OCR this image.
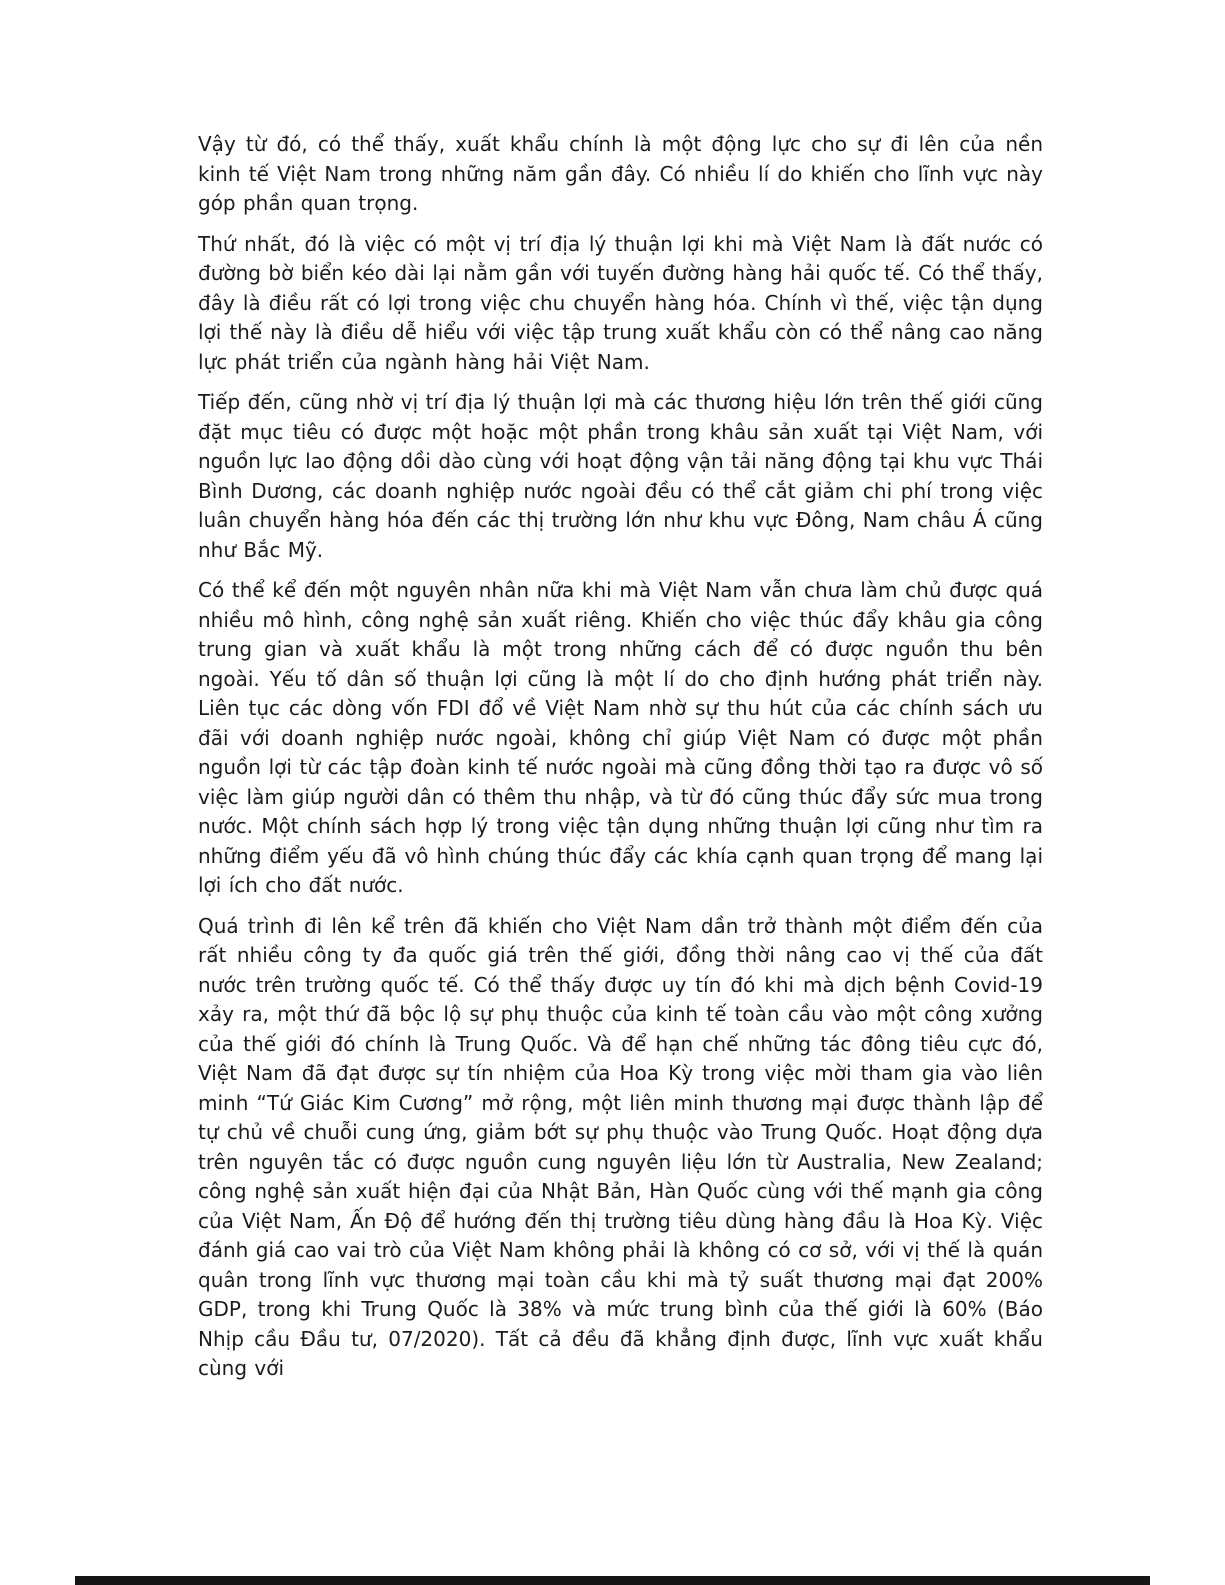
Vậy từ đó, có thể thấy, xuất khẩu chính là một động lực cho sự đi lên của nền kinh tế Việt Nam trong những năm gần đây. Có nhiều lí do khiến cho lĩnh vực này góp phần quan trọng.

Thứ nhất, đó là việc có một vị trí địa lý thuận lợi khi mà Việt Nam là đất nước có đường bờ biển kéo dài lại nằm gần với tuyến đường hàng hải quốc tế. Có thể thấy, đây là điều rất có lợi trong việc chu chuyển hàng hóa. Chính vì thế, việc tận dụng lợi thế này là điều dễ hiểu với việc tập trung xuất khẩu còn có thể nâng cao năng lực phát triển của ngành hàng hải Việt Nam.

Tiếp đến, cũng nhờ vị trí địa lý thuận lợi mà các thương hiệu lớn trên thế giới cũng đặt mục tiêu có được một hoặc một phần trong khâu sản xuất tại Việt Nam, với nguồn lực lao động dồi dào cùng với hoạt động vận tải năng động tại khu vực Thái Bình Dương, các doanh nghiệp nước ngoài đều có thể cắt giảm chi phí trong việc luân chuyển hàng hóa đến các thị trường lớn như khu vực Đông, Nam châu Á cũng như Bắc Mỹ.

Có thể kể đến một nguyên nhân nữa khi mà Việt Nam vẫn chưa làm chủ được quá nhiều mô hình, công nghệ sản xuất riêng. Khiến cho việc thúc đẩy khâu gia công trung gian và xuất khẩu là một trong những cách để có được nguồn thu bên ngoài. Yếu tố dân số thuận lợi cũng là một lí do cho định hướng phát triển này. Liên tục các dòng vốn FDI đổ về Việt Nam nhờ sự thu hút của các chính sách ưu đãi với doanh nghiệp nước ngoài, không chỉ giúp Việt Nam có được một phần nguồn lợi từ các tập đoàn kinh tế nước ngoài mà cũng đồng thời tạo ra được vô số việc làm giúp người dân có thêm thu nhập, và từ đó cũng thúc đẩy sức mua trong nước. Một chính sách hợp lý trong việc tận dụng những thuận lợi cũng như tìm ra những điểm yếu đã vô hình chúng thúc đẩy các khía cạnh quan trọng để mang lại lợi ích cho đất nước.

Quá trình đi lên kể trên đã khiến cho Việt Nam dần trở thành một điểm đến của rất nhiều công ty đa quốc giá trên thế giới, đồng thời nâng cao vị thế của đất nước trên trường quốc tế. Có thể thấy được uy tín đó khi mà dịch bệnh Covid-19 xảy ra, một thứ đã bộc lộ sự phụ thuộc của kinh tế toàn cầu vào một công xưởng của thế giới đó chính là Trung Quốc. Và để hạn chế những tác đông tiêu cực đó, Việt Nam đã đạt được sự tín nhiệm của Hoa Kỳ trong việc mời tham gia vào liên minh “Tứ Giác Kim Cương” mở rộng, một liên minh thương mại được thành lập để tự chủ về chuỗi cung ứng, giảm bớt sự phụ thuộc vào Trung Quốc. Hoạt động dựa trên nguyên tắc có được nguồn cung nguyên liệu lớn từ Australia, New Zealand; công nghệ sản xuất hiện đại của Nhật Bản, Hàn Quốc cùng với thế mạnh gia công của Việt Nam, Ấn Độ để hướng đến thị trường tiêu dùng hàng đầu là Hoa Kỳ. Việc đánh giá cao vai trò của Việt Nam không phải là không có cơ sở, với vị thế là quán quân trong lĩnh vực thương mại toàn cầu khi mà tỷ suất thương mại đạt 200% GDP, trong khi Trung Quốc là 38% và mức trung bình của thế giới là 60% (Báo Nhịp cầu Đầu tư, 07/2020). Tất cả đều đã khẳng định được, lĩnh vực xuất khẩu cùng với
